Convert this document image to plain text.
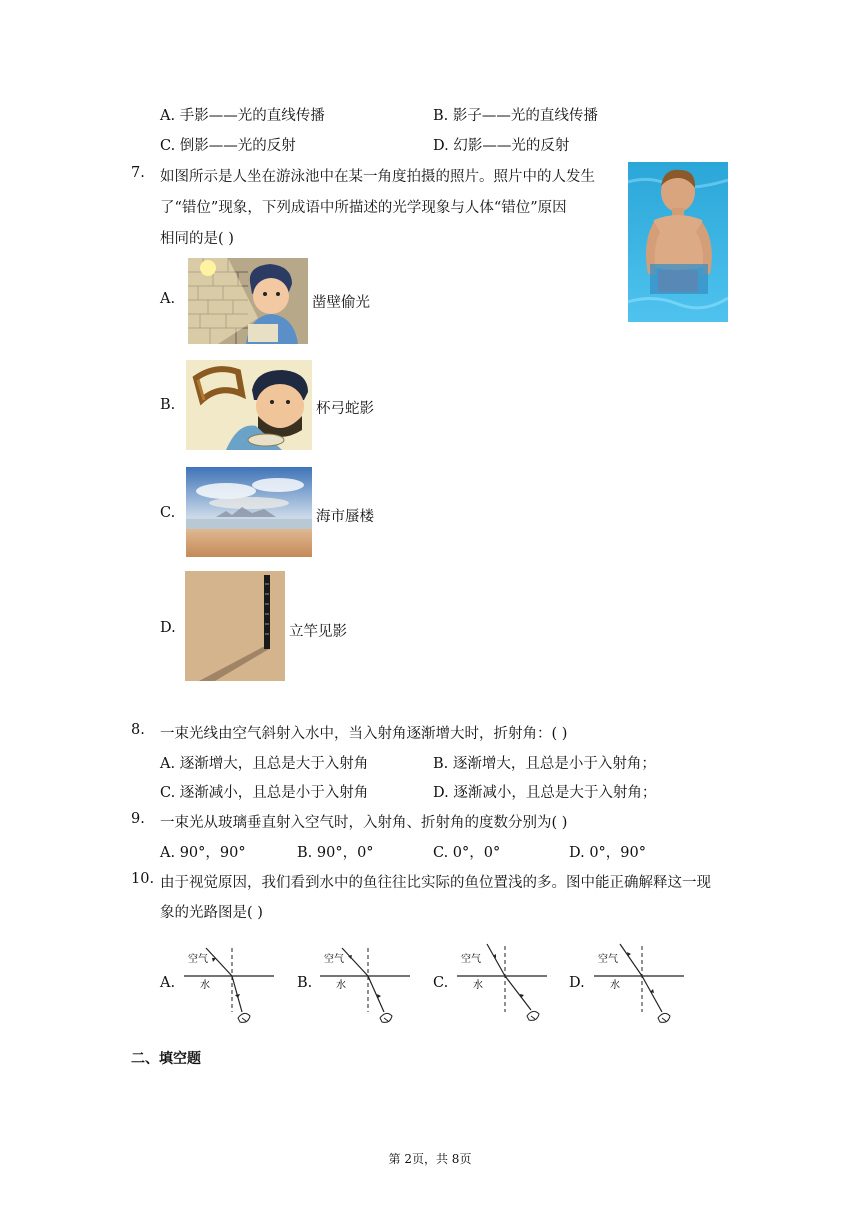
A. 手影——光的直线传播	B. 影子——光的直线传播
C. 倒影——光的反射	D. 幻影——光的反射
7. 如图所示是人坐在游泳池中在某一角度拍摄的照片。照片中的人发生
了“错位”现象，下列成语中所描述的光学现象与人体“错位”原因
相同的是( )
A.	凿壁偷光
B.	杯弓蛇影
C.	海市蜃楼
D.	立竿见影
8. 一束光线由空气斜射入水中，当入射角逐渐增大时，折射角：( )
A. 逐渐增大，且总是大于入射角	B. 逐渐增大，且总是小于入射角；
C. 逐渐减小，且总是小于入射角	D. 逐渐减小，且总是大于入射角；
9. 一束光从玻璃垂直射入空气时，入射角、折射角的度数分别为( )
A. 90°，90°	B. 90°，0°	C. 0°，0°	D. 0°，90°
10. 由于视觉原因，我们看到水中的鱼往往比实际的鱼位置浅的多。图中能正确解释这一现
象的光路图是( )
A.	B.	C.	D.
空气
水
空气
水
空气
水
空气
水
二、填空题
第 2页，共 8页
